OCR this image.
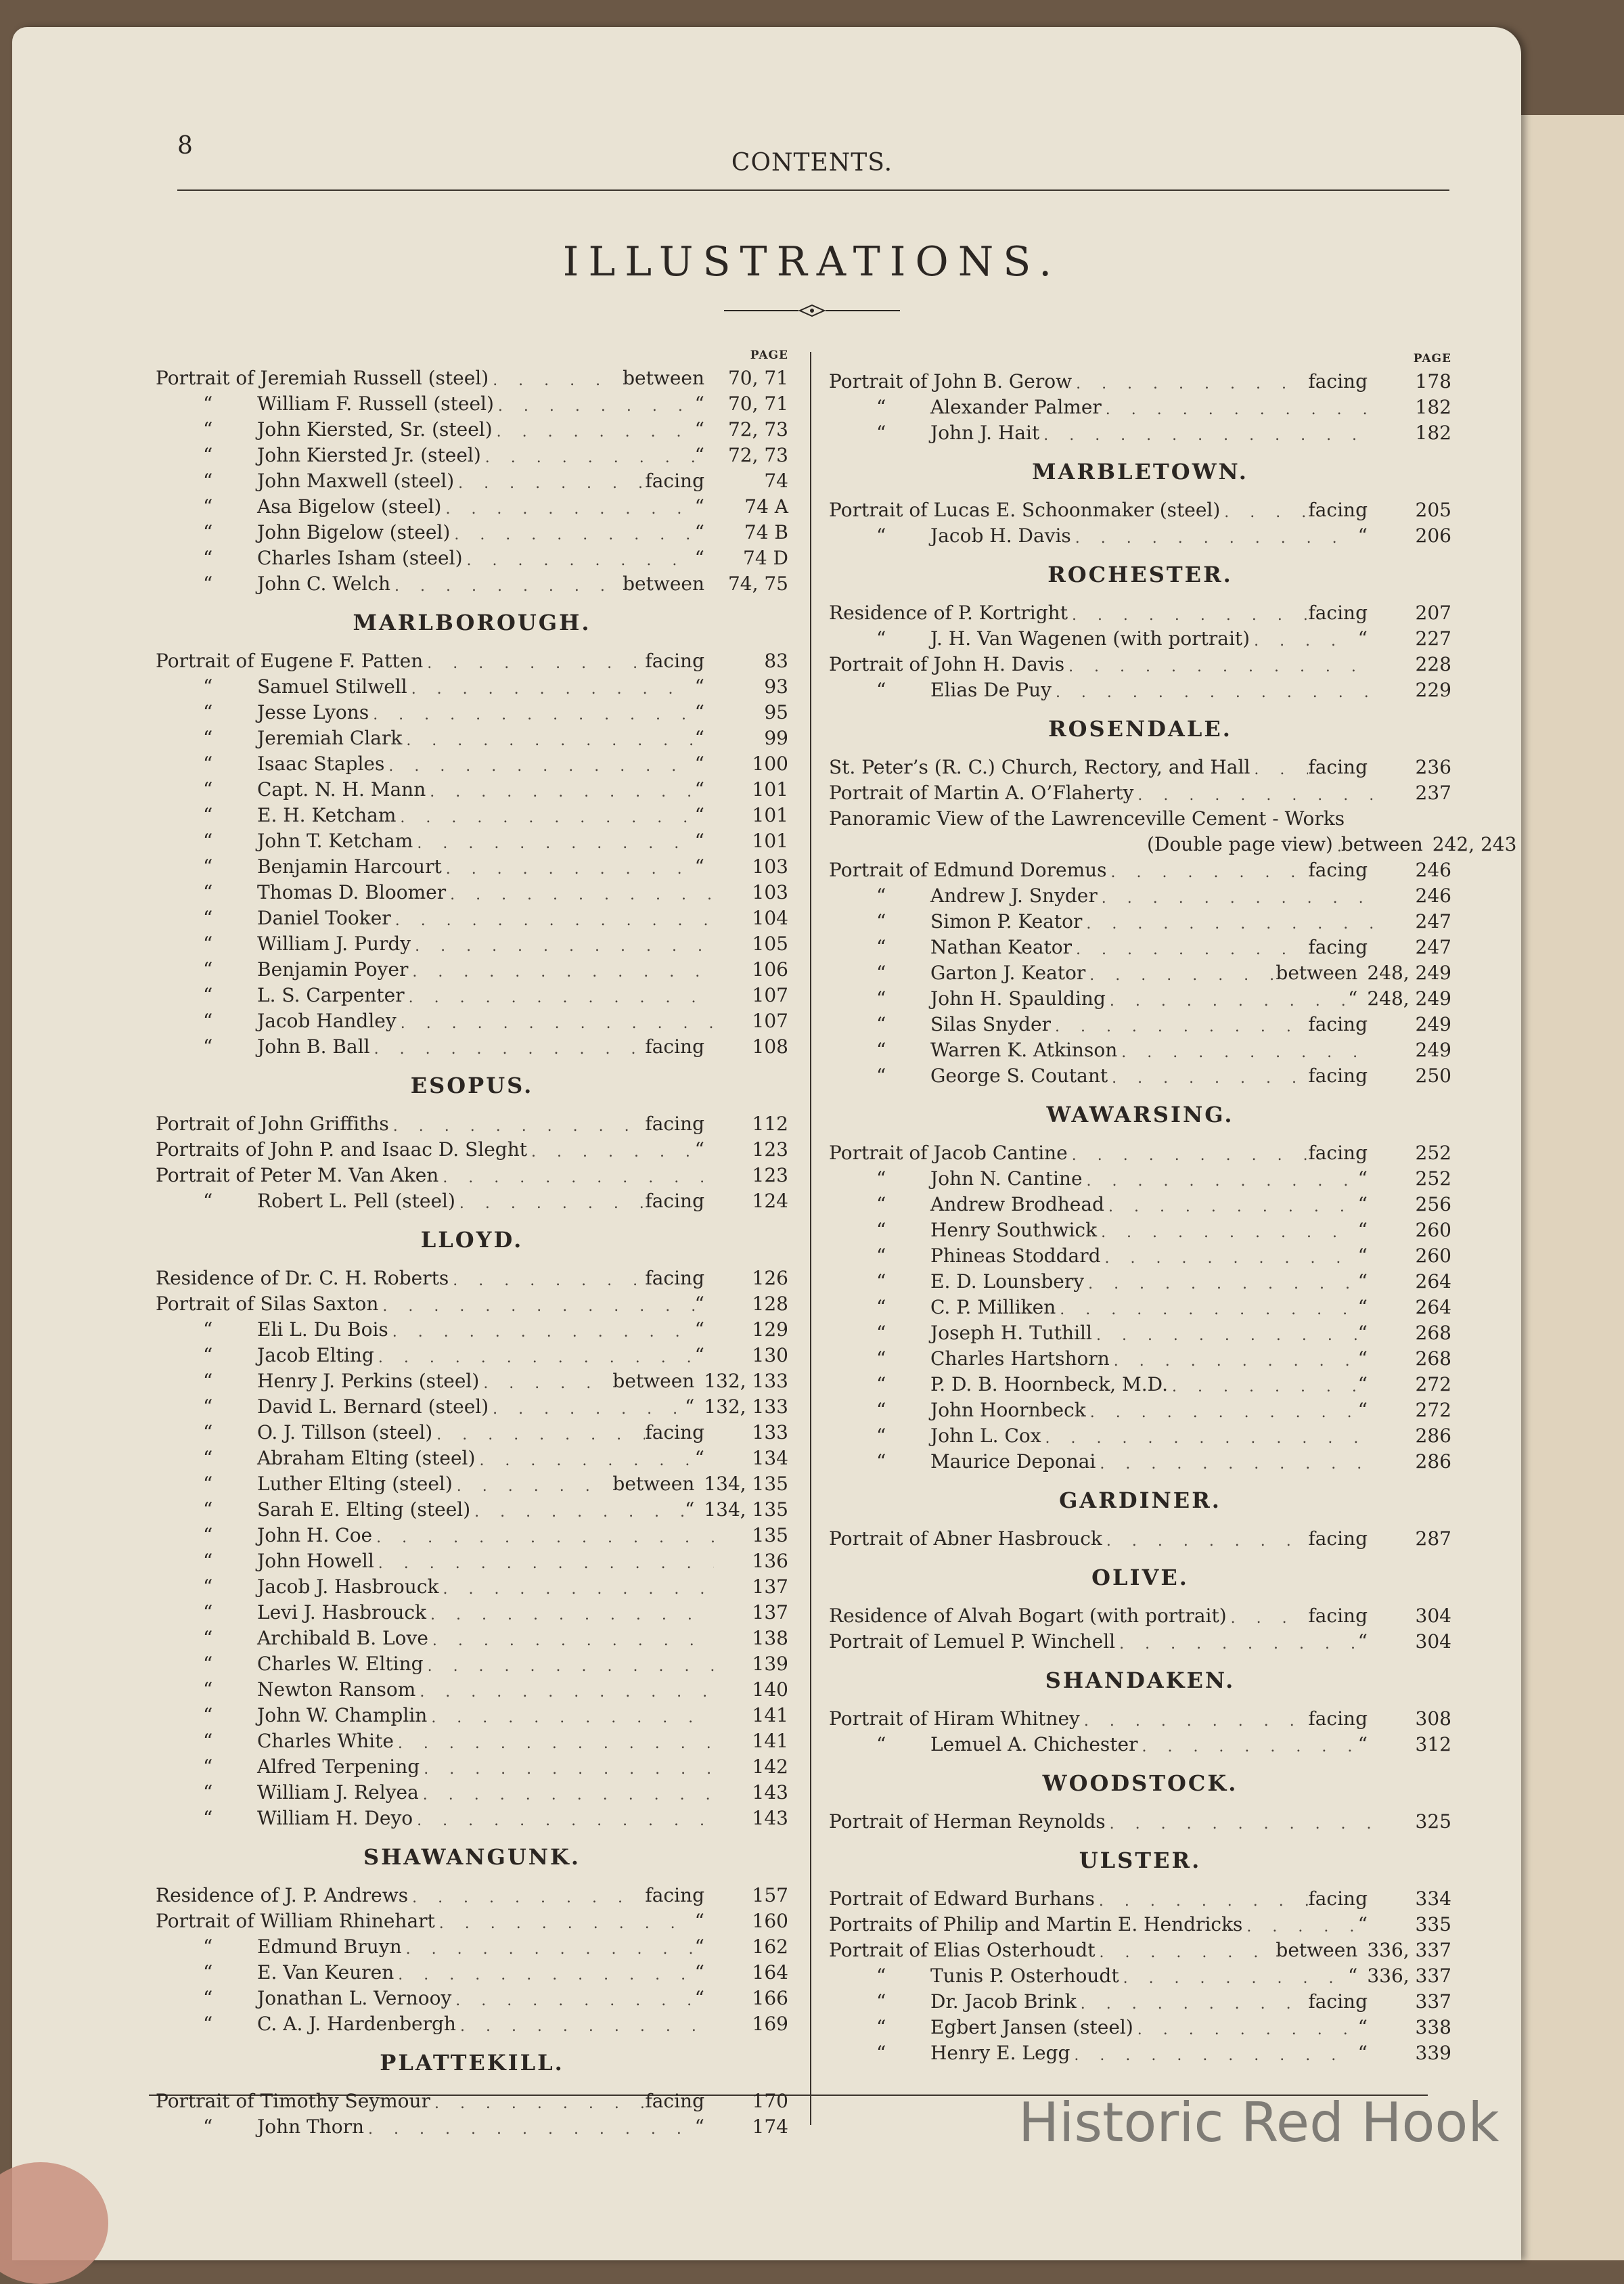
8
CONTENTS.
ILLUSTRATIONS.
PAGE
Portrait of Jeremiah Russell (steel) . . .	between	70, 71
“	William F. Russell (steel) . . .	“	70, 71
“	John Kiersted, Sr. (steel) . . .	“	72, 73
“	John Kiersted Jr. (steel) . . .	“	72, 73
“	John Maxwell (steel) . . .	facing	74
“	Asa Bigelow (steel) . . .	“	74 A
“	John Bigelow (steel) . . .	“	74 B
“	Charles Isham (steel) . . .	“	74 D
“	John C. Welch . . .	between	74, 75
MARLBOROUGH.
Portrait of Eugene F. Patten . . .	facing	83
“	Samuel Stilwell . . .	“	93
“	Jesse Lyons . . .	“	95
“	Jeremiah Clark . . .	“	99
“	Isaac Staples . . .	“	100
“	Capt. N. H. Mann . . .	“	101
“	E. H. Ketcham . . .	“	101
“	John T. Ketcham . . .	“	101
“	Benjamin Harcourt . . .	“	103
“	Thomas D. Bloomer . . .	103
“	Daniel Tooker . . .	104
“	William J. Purdy . . .	105
“	Benjamin Poyer . . .	106
“	L. S. Carpenter . . .	107
“	Jacob Handley . . .	107
“	John B. Ball . . .	facing	108
ESOPUS.
Portrait of John Griffiths . . .	facing	112
Portraits of John P. and Isaac D. Sleght . . .	“	123
Portrait of Peter M. Van Aken . . .	123
“	Robert L. Pell (steel) . . .	facing	124
LLOYD.
Residence of Dr. C. H. Roberts . . .	facing	126
Portrait of Silas Saxton . . .	“	128
“	Eli L. Du Bois . . .	“	129
“	Jacob Elting . . .	“	130
“	Henry J. Perkins (steel) . . .	between 132, 133
“	David L. Bernard (steel) . . .	“ 132, 133
“	O. J. Tillson (steel) . . .	facing	133
“	Abraham Elting (steel) . . .	“	134
“	Luther Elting (steel) . . .	between 134, 135
“	Sarah E. Elting (steel) . . .	“ 134, 135
“	John H. Coe . . .	135
“	John Howell . . .	136
“	Jacob J. Hasbrouck . . .	137
“	Levi J. Hasbrouck . . .	137
“	Archibald B. Love . . .	138
“	Charles W. Elting . . .	139
“	Newton Ransom . . .	140
“	John W. Champlin . . .	141
“	Charles White . . .	141
“	Alfred Terpening . . .	142
“	William J. Relyea . . .	143
“	William H. Deyo . . .	143
SHAWANGUNK.
Residence of J. P. Andrews . . .	facing	157
Portrait of William Rhinehart . . .	“	160
“	Edmund Bruyn . . .	“	162
“	E. Van Keuren . . .	“	164
“	Jonathan L. Vernooy . . .	“	166
“	C. A. J. Hardenbergh . . .	169
PLATTEKILL.
Portrait of Timothy Seymour . . .	facing	170
“	John Thorn . . .	“	174
PAGE
Portrait of John B. Gerow . . .	facing	178
“	Alexander Palmer . . .	182
“	John J. Hait . . .	182
MARBLETOWN.
Portrait of Lucas E. Schoonmaker (steel) . . .	facing	205
“	Jacob H. Davis . . .	“	206
ROCHESTER.
Residence of P. Kortright . . .	facing	207
“	J. H. Van Wagenen (with portrait) . . .	“	227
Portrait of John H. Davis . . .	228
“	Elias De Puy . . .	229
ROSENDALE.
St. Peter’s (R. C.) Church, Rectory, and Hall . . .	facing	236
Portrait of Martin A. O’Flaherty . . .	237
Panoramic View of the Lawrenceville Cement - Works
(Double page view) . . . between 242, 243
Portrait of Edmund Doremus . . .	facing	246
“	Andrew J. Snyder . . .	246
“	Simon P. Keator . . .	247
“	Nathan Keator . . .	facing	247
“	Garton J. Keator . . .	between 248, 249
“	John H. Spaulding . . .	“ 248, 249
“	Silas Snyder . . .	facing	249
“	Warren K. Atkinson . . .	249
“	George S. Coutant . . .	facing	250
WAWARSING.
Portrait of Jacob Cantine . . .	facing	252
“	John N. Cantine . . .	“	252
“	Andrew Brodhead . . .	“	256
“	Henry Southwick . . .	“	260
“	Phineas Stoddard . . .	“	260
“	E. D. Lounsbery . . .	“	264
“	C. P. Milliken . . .	“	264
“	Joseph H. Tuthill . . .	“	268
“	Charles Hartshorn . . .	“	268
“	P. D. B. Hoornbeck, M.D. . . .	“	272
“	John Hoornbeck . . .	“	272
“	John L. Cox . . .	286
“	Maurice Deponai . . .	286
GARDINER.
Portrait of Abner Hasbrouck . . .	facing	287
OLIVE.
Residence of Alvah Bogart (with portrait) . . .	facing	304
Portrait of Lemuel P. Winchell . . .	“	304
SHANDAKEN.
Portrait of Hiram Whitney . . .	facing	308
“	Lemuel A. Chichester . . .	“	312
WOODSTOCK.
Portrait of Herman Reynolds . . .	325
ULSTER.
Portrait of Edward Burhans . . .	facing	334
Portraits of Philip and Martin E. Hendricks . . .	“	335
Portrait of Elias Osterhoudt . . .	between 336, 337
“	Tunis P. Osterhoudt . . .	“ 336, 337
“	Dr. Jacob Brink . . .	facing	337
“	Egbert Jansen (steel) . . .	“	338
“	Henry E. Legg . . .	“	339
Historic Red Hook
